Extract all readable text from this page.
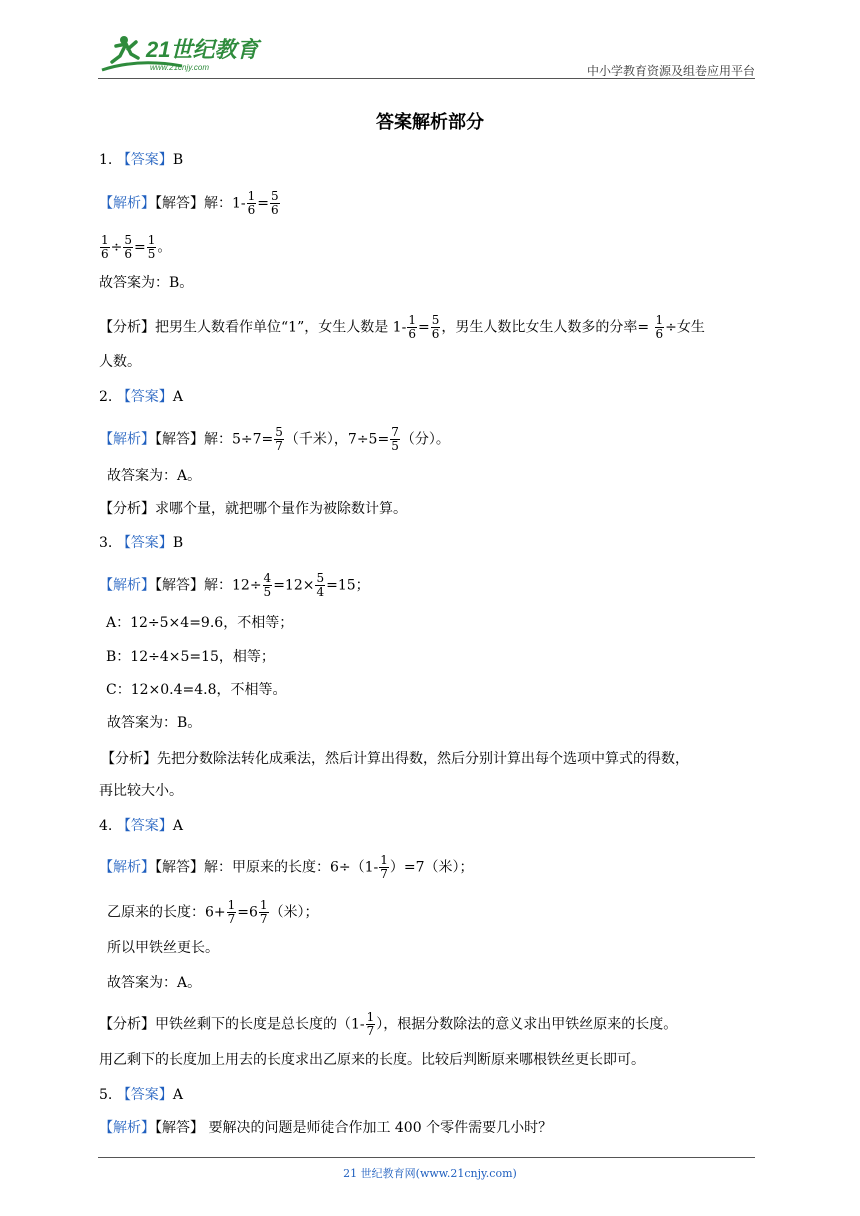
21世纪教育
www.21cnjy.com	中小学教育资源及组卷应用平台
答案解析部分
1. 【答案】B
【解析】【解答】解：$1- \frac{1}{6} = \frac{5}{6}$
$\frac{1}{6} \div \frac{5}{6} = \frac{1}{5}$ 。
故答案为：B。
【分析】把男生人数看作单位“1”，女生人数是 $1- \frac{1}{6} = \frac{5}{6}$ ，男生人数比女生人数多的分率= $\frac{1}{6}$ ÷女生
人数。
2. 【答案】A
【解析】【解答】解：$5\div 7= \frac{5}{7}$ （千米），$7\div 5= \frac{7}{5}$ （分）。
故答案为：A。
【分析】求哪个量，就把哪个量作为被除数计算。
3. 【答案】B
【解析】【解答】解：$12\div \frac{4}{5} =12\times \frac{5}{4} =15$；
A：12÷5×4=9.6，不相等；
B：12÷4×5=15，相等；
C：12×0.4=4.8，不相等。
故答案为：B。
【分析】先把分数除法转化成乘法，然后计算出得数，然后分别计算出每个选项中算式的得数，
再比较大小。
4. 【答案】A
【解析】【解答】解：甲原来的长度：$6\div(1- \frac{1}{7} )=7$（米）；
乙原来的长度：$6+ \frac{1}{7} =6 \frac{1}{7}$ （米）；
所以甲铁丝更长。
故答案为：A。
【分析】甲铁丝剩下的长度是总长度的（$1- \frac{1}{7}$ ），根据分数除法的意义求出甲铁丝原来的长度。
用乙剩下的长度加上用去的长度求出乙原来的长度。比较后判断原来哪根铁丝更长即可。
5. 【答案】A
【解析】【解答】 要解决的问题是师徒合作加工 400 个零件需要几小时？
21 世纪教育网(www.21cnjy.com)
